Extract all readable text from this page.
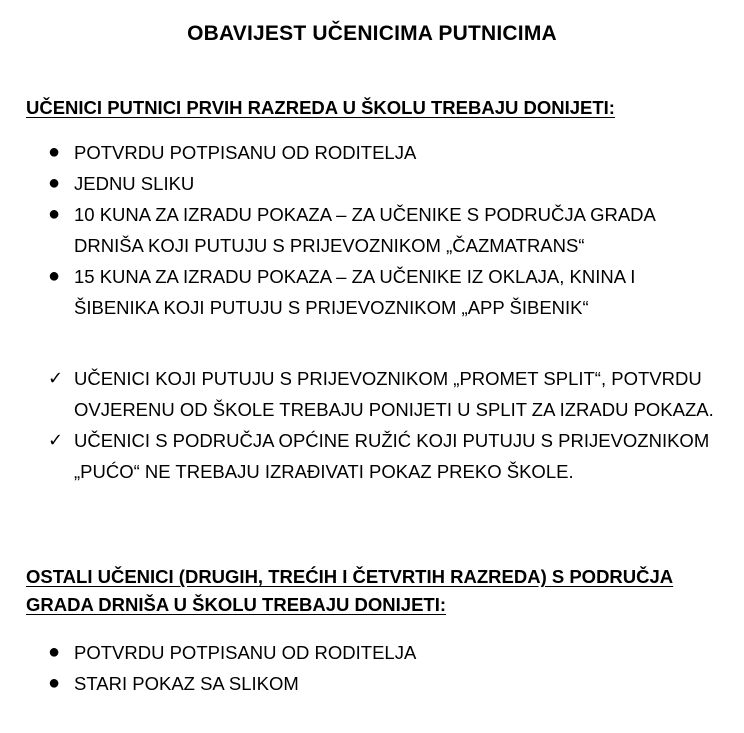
OBAVIJEST UČENICIMA PUTNICIMA
UČENICI PUTNICI PRVIH RAZREDA U ŠKOLU TREBAJU DONIJETI:
● POTVRDU POTPISANU OD RODITELJA
● JEDNU SLIKU
● 10 KUNA ZA IZRADU POKAZA – ZA UČENIKE S PODRUČJA GRADA DRNIŠA KOJI PUTUJU S PRIJEVOZNIKOM „ČAZMATRANS“
● 15 KUNA ZA IZRADU POKAZA – ZA UČENIKE IZ OKLAJA, KNINA I ŠIBENIKA KOJI PUTUJU S PRIJEVOZNIKOM „APP ŠIBENIK“
✓ UČENICI KOJI PUTUJU S PRIJEVOZNIKOM „PROMET SPLIT“, POTVRDU OVJERENU OD ŠKOLE TREBAJU PONIJETI U SPLIT ZA IZRADU POKAZA.
✓ UČENICI S PODRUČJA OPĆINE RUŽIĆ KOJI PUTUJU S PRIJEVOZNIKOM „PUĆO“ NE TREBAJU IZRAĐIVATI POKAZ PREKO ŠKOLE.
OSTALI UČENICI (DRUGIH, TREĆIH I ČETVRTIH RAZREDA) S PODRUČJA GRADA DRNIŠA U ŠKOLU TREBAJU DONIJETI:
● POTVRDU POTPISANU OD RODITELJA
● STARI POKAZ SA SLIKOM
